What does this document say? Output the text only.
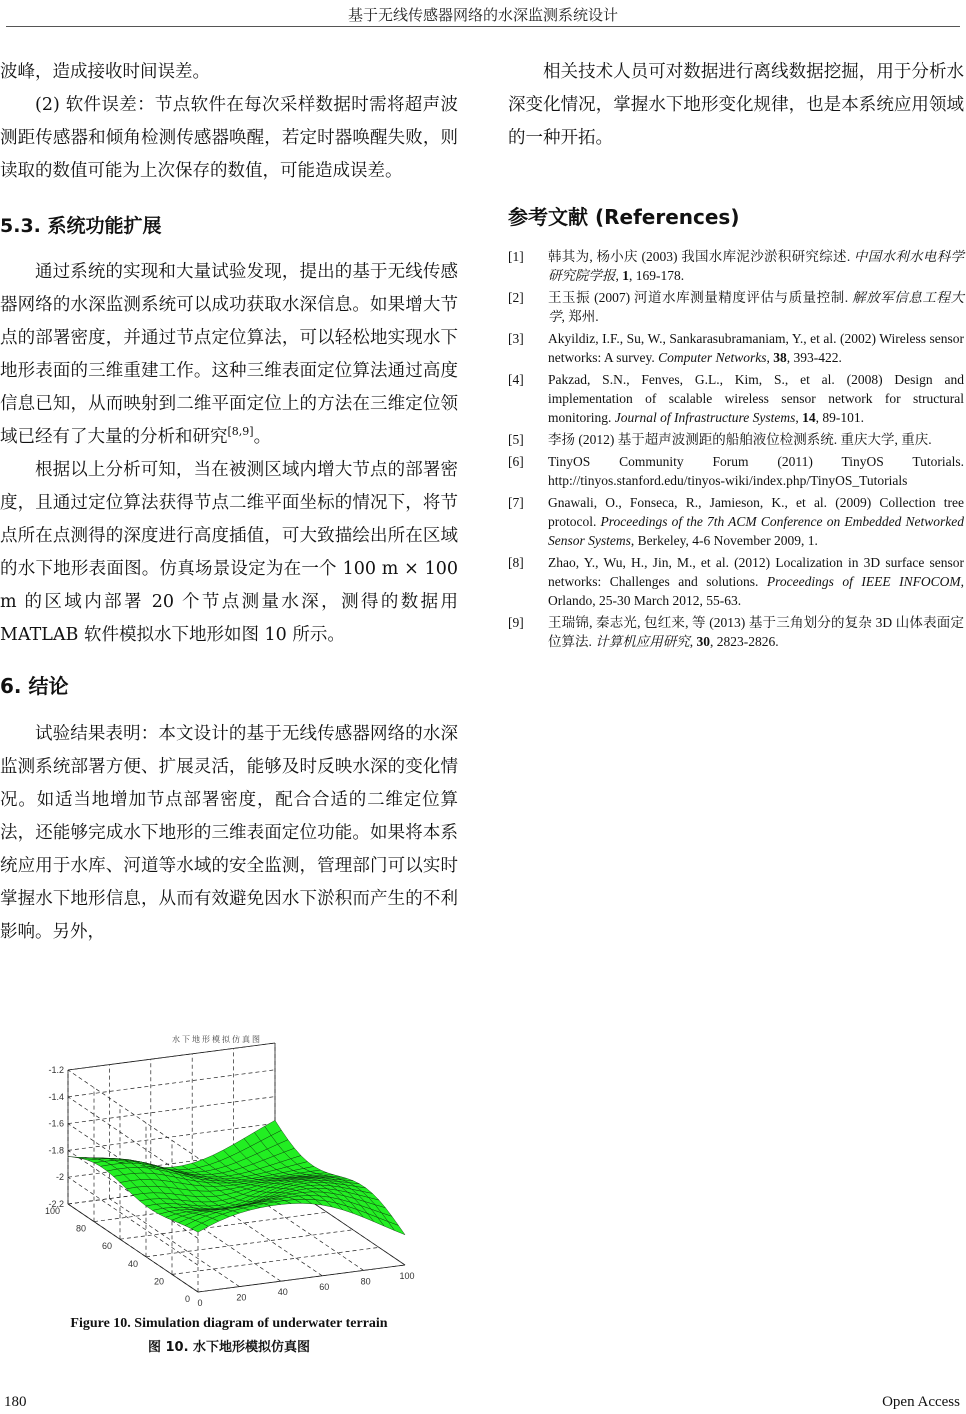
基于无线传感器网络的水深监测系统设计

波峰，造成接收时间误差。

(2) 软件误差：节点软件在每次采样数据时需将超声波测距传感器和倾角检测传感器唤醒，若定时器唤醒失败，则读取的数值可能为上次保存的数值，可能造成误差。

5.3. 系统功能扩展

通过系统的实现和大量试验发现，提出的基于无线传感器网络的水深监测系统可以成功获取水深信息。如果增大节点的部署密度，并通过节点定位算法，可以轻松地实现水下地形表面的三维重建工作。这种三维表面定位算法通过高度信息已知，从而映射到二维平面定位上的方法在三维定位领域已经有了大量的分析和研究[8,9]。

根据以上分析可知，当在被测区域内增大节点的部署密度，且通过定位算法获得节点二维平面坐标的情况下，将节点所在点测得的深度进行高度插值，可大致描绘出所在区域的水下地形表面图。仿真场景设定为在一个 100 m × 100 m 的区域内部署 20 个节点测量水深，测得的数据用 MATLAB 软件模拟水下地形如图 10 所示。

6. 结论

试验结果表明：本文设计的基于无线传感器网络的水深监测系统部署方便、扩展灵活，能够及时反映水深的变化情况。如适当地增加节点部署密度，配合合适的二维定位算法，还能够完成水下地形的三维表面定位功能。如果将本系统应用于水库、河道等水域的安全监测，管理部门可以实时掌握水下地形信息，从而有效避免因水下淤积而产生的不利影响。另外，

相关技术人员可对数据进行离线数据挖掘，用于分析水深变化情况，掌握水下地形变化规律，也是本系统应用领域的一种开拓。

参考文献 (References)
[1] 韩其为, 杨小庆 (2003) 我国水库泥沙淤积研究综述. 中国水利水电科学研究院学报, 1, 169-178.
[2] 王玉振 (2007) 河道水库测量精度评估与质量控制. 解放军信息工程大学, 郑州.
[3] Akyildiz, I.F., Su, W., Sankarasubramaniam, Y., et al. (2002) Wireless sensor networks: A survey. Computer Networks, 38, 393-422.
[4] Pakzad, S.N., Fenves, G.L., Kim, S., et al. (2008) Design and implementation of scalable wireless sensor network for structural monitoring. Journal of Infrastructure Systems, 14, 89-101.
[5] 李扬 (2012) 基于超声波测距的船舶液位检测系统. 重庆大学, 重庆.
[6] TinyOS Community Forum (2011) TinyOS Tutorials. http://tinyos.stanford.edu/tinyos-wiki/index.php/TinyOS_Tutorials
[7] Gnawali, O., Fonseca, R., Jamieson, K., et al. (2009) Collection tree protocol. Proceedings of the 7th ACM Conference on Embedded Networked Sensor Systems, Berkeley, 4-6 November 2009, 1.
[8] Zhao, Y., Wu, H., Jin, M., et al. (2012) Localization in 3D surface sensor networks: Challenges and solutions. Proceedings of IEEE INFOCOM, Orlando, 25-30 March 2012, 55-63.
[9] 王瑞锦, 秦志光, 包红来, 等 (2013) 基于三角划分的复杂 3D 山体表面定位算法. 计算机应用研究, 30, 2823-2826.
水下地形模拟仿真图
-1.2
-1.4
-1.6
-1.8
-2
-2.2
100
80
60
40
20
0 0
20
40
60
80
100
Figure 10. Simulation diagram of underwater terrain
图 10. 水下地形模拟仿真图
180	Open Access
